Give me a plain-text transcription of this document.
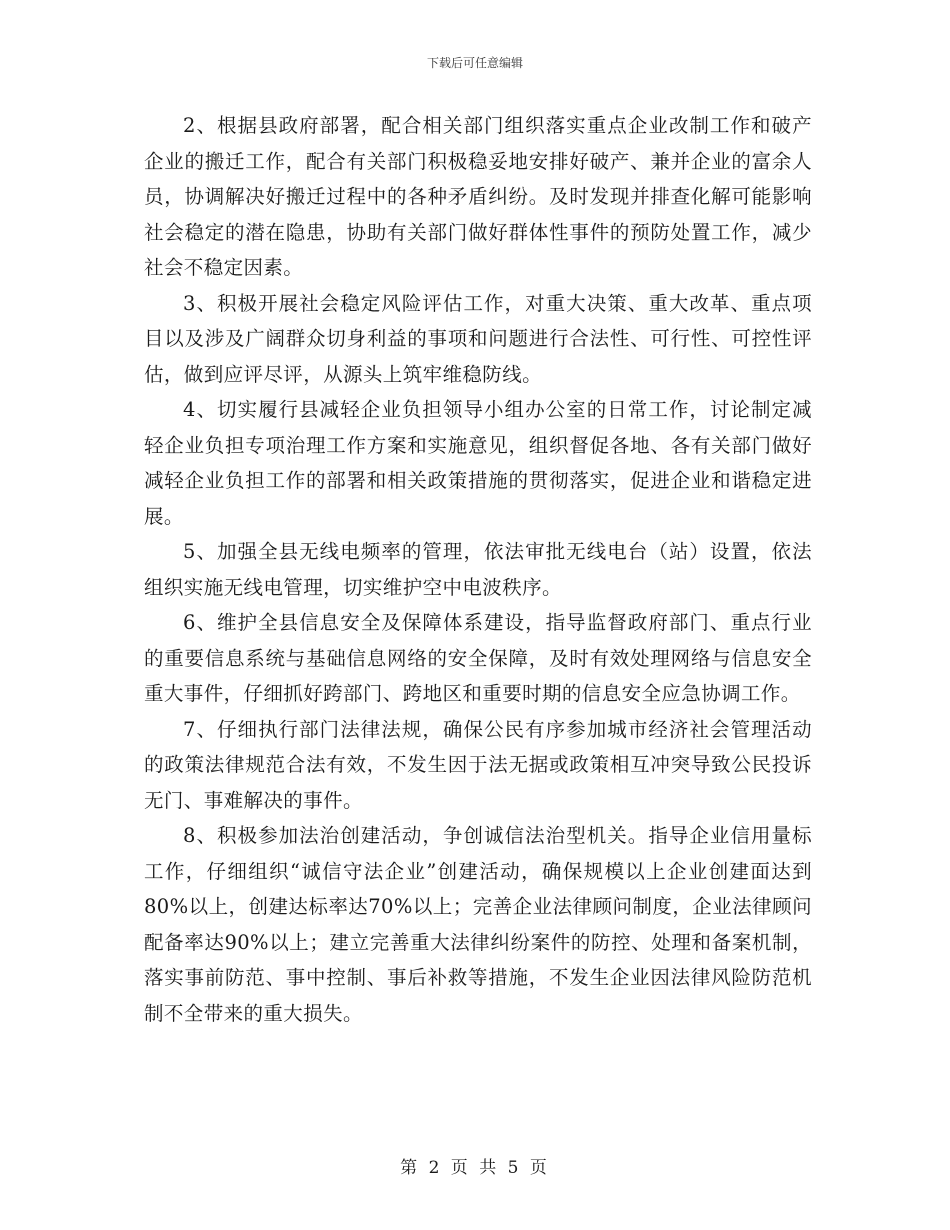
下载后可任意编辑

2、根据县政府部署，配合相关部门组织落实重点企业改制工作和破产企业的搬迁工作，配合有关部门积极稳妥地安排好破产、兼并企业的富余人员，协调解决好搬迁过程中的各种矛盾纠纷。及时发现并排查化解可能影响社会稳定的潜在隐患，协助有关部门做好群体性事件的预防处置工作，减少社会不稳定因素。

3、积极开展社会稳定风险评估工作，对重大决策、重大改革、重点项目以及涉及广阔群众切身利益的事项和问题进行合法性、可行性、可控性评估，做到应评尽评，从源头上筑牢维稳防线。

4、切实履行县减轻企业负担领导小组办公室的日常工作，讨论制定减轻企业负担专项治理工作方案和实施意见，组织督促各地、各有关部门做好减轻企业负担工作的部署和相关政策措施的贯彻落实，促进企业和谐稳定进展。

5、加强全县无线电频率的管理，依法审批无线电台（站）设置，依法组织实施无线电管理，切实维护空中电波秩序。

6、维护全县信息安全及保障体系建设，指导监督政府部门、重点行业的重要信息系统与基础信息网络的安全保障，及时有效处理网络与信息安全重大事件，仔细抓好跨部门、跨地区和重要时期的信息安全应急协调工作。

7、仔细执行部门法律法规，确保公民有序参加城市经济社会管理活动的政策法律规范合法有效，不发生因于法无据或政策相互冲突导致公民投诉无门、事难解决的事件。

8、积极参加法治创建活动，争创诚信法治型机关。指导企业信用量标工作，仔细组织“诚信守法企业”创建活动，确保规模以上企业创建面达到80%以上，创建达标率达70%以上；完善企业法律顾问制度，企业法律顾问配备率达90%以上；建立完善重大法律纠纷案件的防控、处理和备案机制，落实事前防范、事中控制、事后补救等措施，不发生企业因法律风险防范机制不全带来的重大损失。

第 2 页 共 5 页
